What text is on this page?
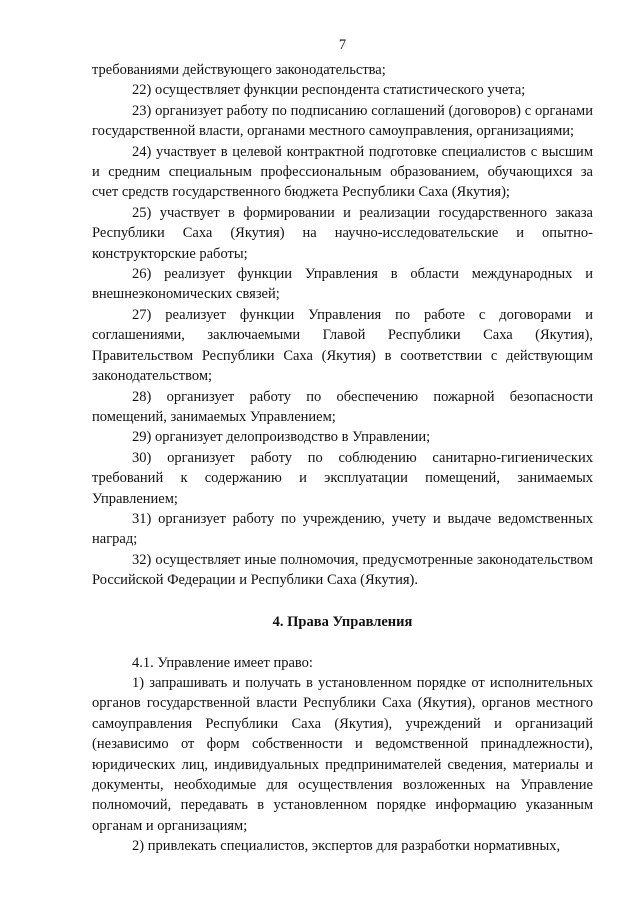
7

требованиями действующего законодательства;

22) осуществляет функции респондента статистического учета;

23) организует работу по подписанию соглашений (договоров) с органами государственной власти, органами местного самоуправления, организациями;

24) участвует в целевой контрактной подготовке специалистов с высшим и средним специальным профессиональным образованием, обучающихся за счет средств государственного бюджета Республики Саха (Якутия);

25) участвует в формировании и реализации государственного заказа Республики Саха (Якутия) на научно-исследовательские и опытно-конструкторские работы;

26) реализует функции Управления в области международных и внешнеэкономических связей;

27) реализует функции Управления по работе с договорами и соглашениями, заключаемыми Главой Республики Саха (Якутия), Правительством Республики Саха (Якутия) в соответствии с действующим законодательством;

28) организует работу по обеспечению пожарной безопасности помещений, занимаемых Управлением;

29) организует делопроизводство в Управлении;

30) организует работу по соблюдению санитарно-гигиенических требований к содержанию и эксплуатации помещений, занимаемых Управлением;

31) организует работу по учреждению, учету и выдаче ведомственных наград;

32) осуществляет иные полномочия, предусмотренные законодательством Российской Федерации и Республики Саха (Якутия).

4. Права Управления

4.1. Управление имеет право:

1) запрашивать и получать в установленном порядке от исполнительных органов государственной власти Республики Саха (Якутия), органов местного самоуправления Республики Саха (Якутия), учреждений и организаций (независимо от форм собственности и ведомственной принадлежности), юридических лиц, индивидуальных предпринимателей сведения, материалы и документы, необходимые для осуществления возложенных на Управление полномочий, передавать в установленном порядке информацию указанным органам и организациям;

2) привлекать специалистов, экспертов для разработки нормативных,
